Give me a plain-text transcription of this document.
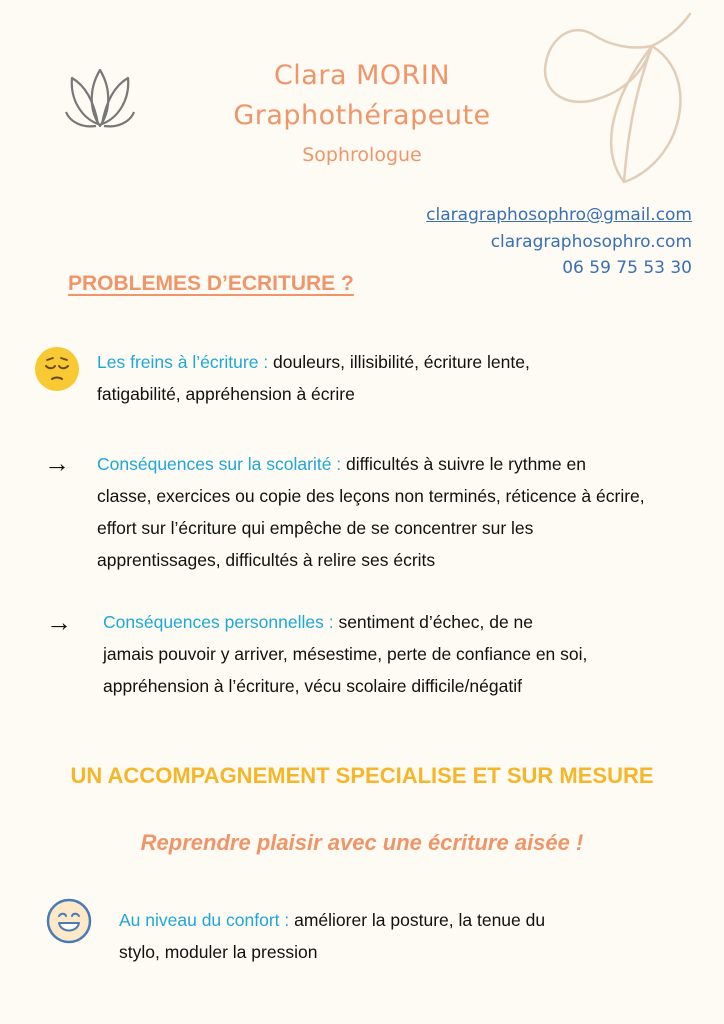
Clara MORIN
Graphothérapeute
Sophrologue
claragraphosophro@gmail.com
claragraphosophro.com
06 59 75 53 30
PROBLEMES D’ECRITURE ?
Les freins à l’écriture : douleurs, illisibilité, écriture lente,
fatigabilité, appréhension à écrire
→ Conséquences sur la scolarité : difficultés à suivre le rythme en
classe, exercices ou copie des leçons non terminés, réticence à écrire,
effort sur l’écriture qui empêche de se concentrer sur les
apprentissages, difficultés à relire ses écrits
→ Conséquences personnelles : sentiment d’échec, de ne
jamais pouvoir y arriver, mésestime, perte de confiance en soi,
appréhension à l’écriture, vécu scolaire difficile/négatif
UN ACCOMPAGNEMENT SPECIALISE ET SUR MESURE
Reprendre plaisir avec une écriture aisée !
Au niveau du confort : améliorer la posture, la tenue du
stylo, moduler la pression
